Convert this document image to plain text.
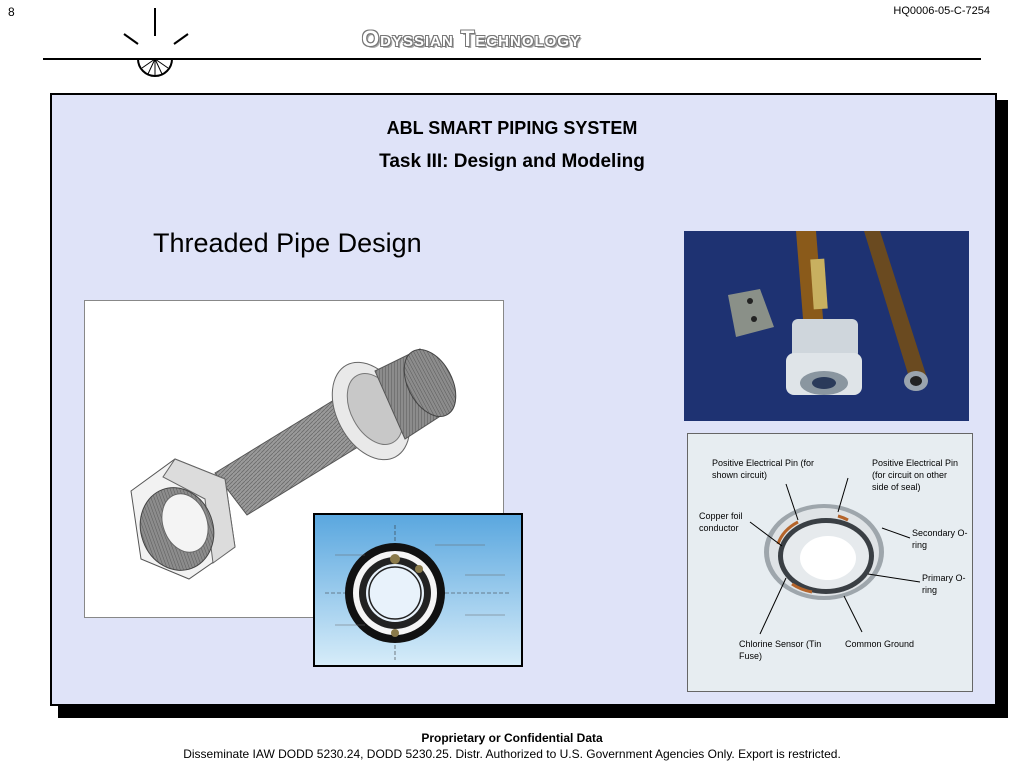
8	HQ0006-05-C-7254
Odyssian Technology
ABL SMART PIPING SYSTEM
Task III: Design and Modeling
Threaded Pipe Design
Positive Electrical Pin (for shown circuit)
Positive Electrical Pin (for circuit on other side of seal)
Copper foil conductor	Secondary O-ring
Primary O-ring
Chlorine Sensor (Tin Fuse)
Common Ground
Proprietary or Confidential Data
Disseminate IAW DODD 5230.24, DODD 5230.25. Distr. Authorized to U.S. Government Agencies Only. Export is restricted.
